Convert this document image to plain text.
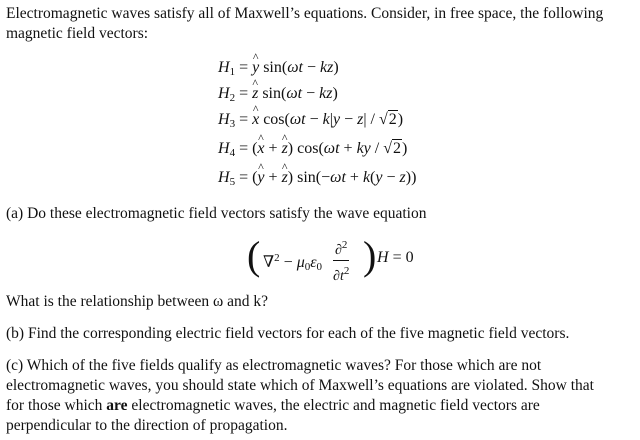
Electromagnetic waves satisfy all of Maxwell’s equations. Consider, in free space, the following
magnetic field vectors:
$H_1$ = ^ y sin(ωt − kz)
$H_2$ = ^ z sin(ωt − kz)
$H_3$ = ^ x cos(ωt − k|y − z| / √2)
$H_4$ = (^ x + ^ z) cos(ωt + ky / √2)
$H_5$ = (^ y + ^ z) sin(−ωt + k(y − z))
(a) Do these electromagnetic field vectors satisfy the wave equation
( $\nabla^2 - \mu_0\varepsilon_0 \frac{\partial^2}{\partial t^2}$ ) H = 0
What is the relationship between ω and k?
(b) Find the corresponding electric field vectors for each of the five magnetic field vectors.
(c) Which of the five fields qualify as electromagnetic waves? For those which are not
electromagnetic waves, you should state which of Maxwell’s equations are violated. Show that
for those which are electromagnetic waves, the electric and magnetic field vectors are
perpendicular to the direction of propagation.
